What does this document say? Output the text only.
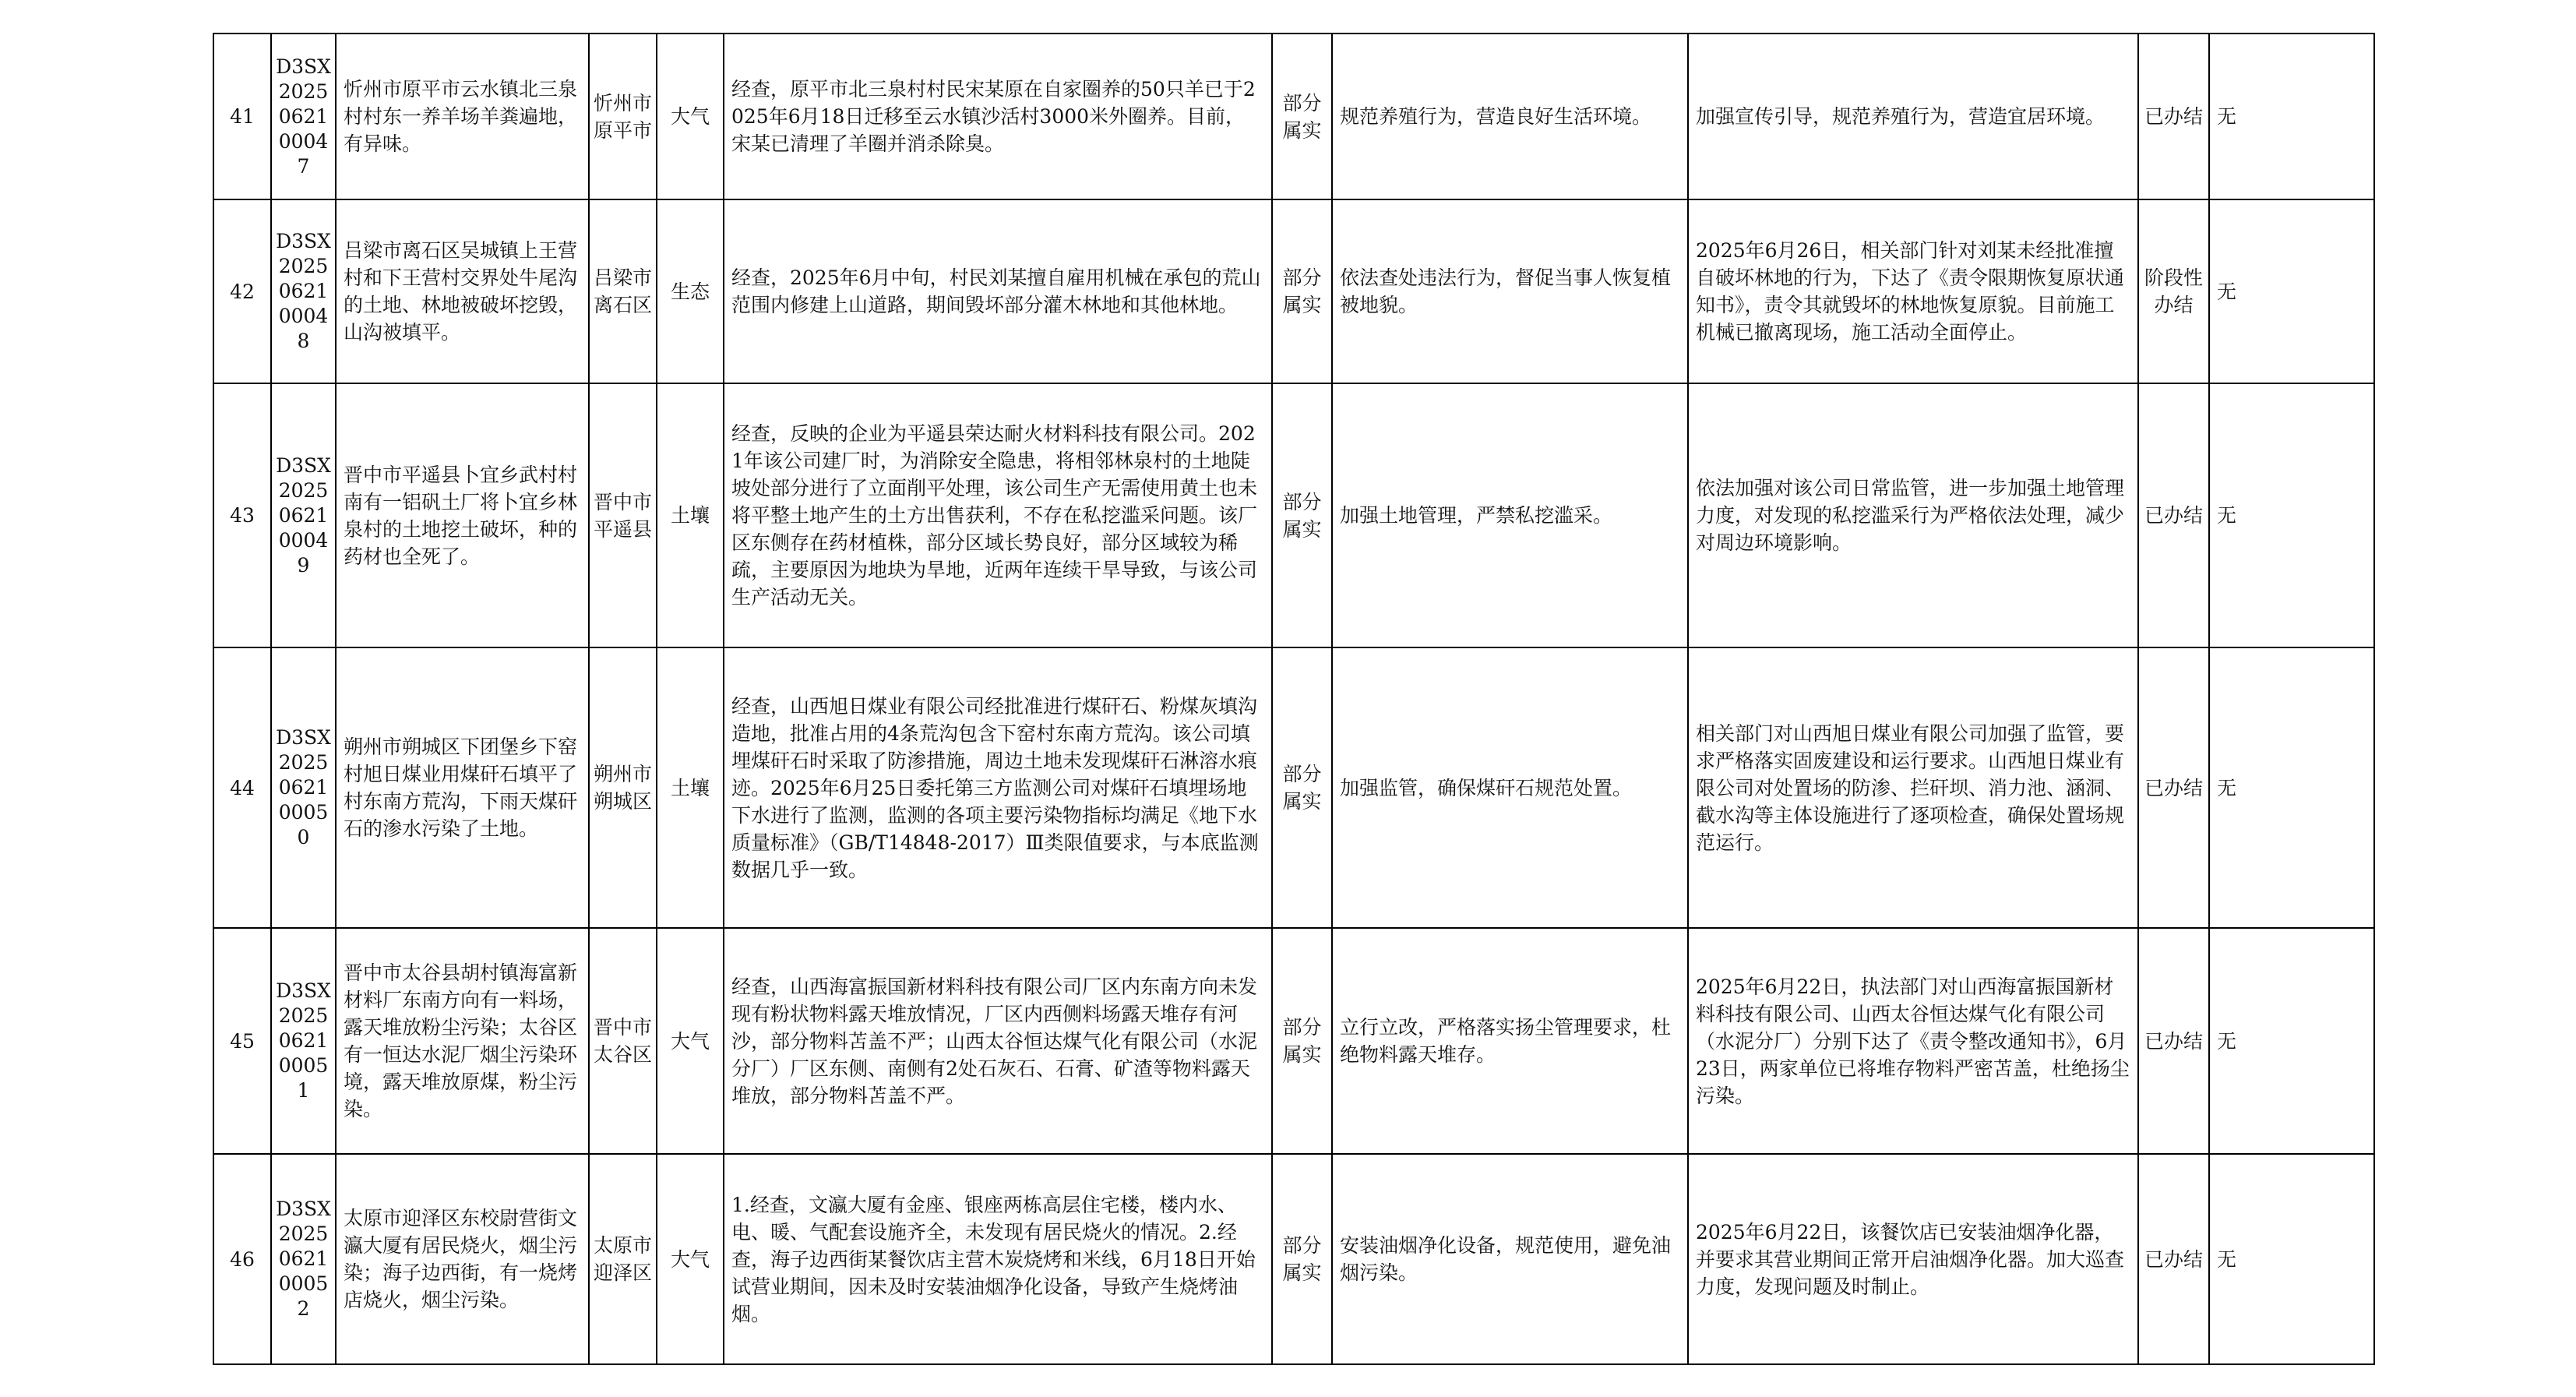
41	D3SX2025062100047	忻州市原平市云水镇北三泉村村东一养羊场羊粪遍地，有异味。	忻州市原平市	大气	经查，原平市北三泉村村民宋某原在自家圈养的50只羊已于2025年6月18日迁移至云水镇沙活村3000米外圈养。目前，宋某已清理了羊圈并消杀除臭。	部分属实	规范养殖行为，营造良好生活环境。	加强宣传引导，规范养殖行为，营造宜居环境。	已办结	无
42	D3SX2025062100048	吕梁市离石区吴城镇上王营村和下王营村交界处牛尾沟的土地、林地被破坏挖毁，山沟被填平。	吕梁市离石区	生态	经查，2025年6月中旬，村民刘某擅自雇用机械在承包的荒山范围内修建上山道路，期间毁坏部分灌木林地和其他林地。	部分属实	依法查处违法行为，督促当事人恢复植被地貌。	2025年6月26日，相关部门针对刘某未经批准擅自破坏林地的行为，下达了《责令限期恢复原状通知书》，责令其就毁坏的林地恢复原貌。目前施工机械已撤离现场，施工活动全面停止。	阶段性办结	无
43	D3SX2025062100049	晋中市平遥县卜宜乡武村村南有一铝矾土厂将卜宜乡林泉村的土地挖土破坏，种的药材也全死了。	晋中市平遥县	土壤	经查，反映的企业为平遥县荣达耐火材料科技有限公司。2021年该公司建厂时，为消除安全隐患，将相邻林泉村的土地陡坡处部分进行了立面削平处理，该公司生产无需使用黄土也未将平整土地产生的土方出售获利，不存在私挖滥采问题。该厂区东侧存在药材植株，部分区域长势良好，部分区域较为稀疏，主要原因为地块为旱地，近两年连续干旱导致，与该公司生产活动无关。	部分属实	加强土地管理，严禁私挖滥采。	依法加强对该公司日常监管，进一步加强土地管理力度，对发现的私挖滥采行为严格依法处理，减少对周边环境影响。	已办结	无
44	D3SX2025062100050	朔州市朔城区下团堡乡下窑村旭日煤业用煤矸石填平了村东南方荒沟，下雨天煤矸石的渗水污染了土地。	朔州市朔城区	土壤	经查，山西旭日煤业有限公司经批准进行煤矸石、粉煤灰填沟造地，批准占用的4条荒沟包含下窑村东南方荒沟。该公司填埋煤矸石时采取了防渗措施，周边土地未发现煤矸石淋溶水痕迹。2025年6月25日委托第三方监测公司对煤矸石填埋场地下水进行了监测，监测的各项主要污染物指标均满足《地下水质量标准》（GB/T14848-2017）Ⅲ类限值要求，与本底监测数据几乎一致。	部分属实	加强监管，确保煤矸石规范处置。	相关部门对山西旭日煤业有限公司加强了监管，要求严格落实固废建设和运行要求。山西旭日煤业有限公司对处置场的防渗、拦矸坝、消力池、涵洞、截水沟等主体设施进行了逐项检查，确保处置场规范运行。	已办结	无
45	D3SX2025062100051	晋中市太谷县胡村镇海富新材料厂东南方向有一料场，露天堆放粉尘污染；太谷区有一恒达水泥厂烟尘污染环境，露天堆放原煤，粉尘污染。	晋中市太谷区	大气	经查，山西海富振国新材料科技有限公司厂区内东南方向未发现有粉状物料露天堆放情况，厂区内西侧料场露天堆存有河沙，部分物料苫盖不严；山西太谷恒达煤气化有限公司（水泥分厂）厂区东侧、南侧有2处石灰石、石膏、矿渣等物料露天堆放，部分物料苫盖不严。	部分属实	立行立改，严格落实扬尘管理要求，杜绝物料露天堆存。	2025年6月22日，执法部门对山西海富振国新材料科技有限公司、山西太谷恒达煤气化有限公司（水泥分厂）分别下达了《责令整改通知书》，6月23日，两家单位已将堆存物料严密苫盖，杜绝扬尘污染。	已办结	无
46	D3SX2025062100052	太原市迎泽区东校尉营街文瀛大厦有居民烧火，烟尘污染；海子边西街，有一烧烤店烧火，烟尘污染。	太原市迎泽区	大气	1.经查，文瀛大厦有金座、银座两栋高层住宅楼，楼内水、电、暖、气配套设施齐全，未发现有居民烧火的情况。2.经查，海子边西街某餐饮店主营木炭烧烤和米线，6月18日开始试营业期间，因未及时安装油烟净化设备，导致产生烧烤油烟。	部分属实	安装油烟净化设备，规范使用，避免油烟污染。	2025年6月22日，该餐饮店已安装油烟净化器，并要求其营业期间正常开启油烟净化器。加大巡查力度，发现问题及时制止。	已办结	无
